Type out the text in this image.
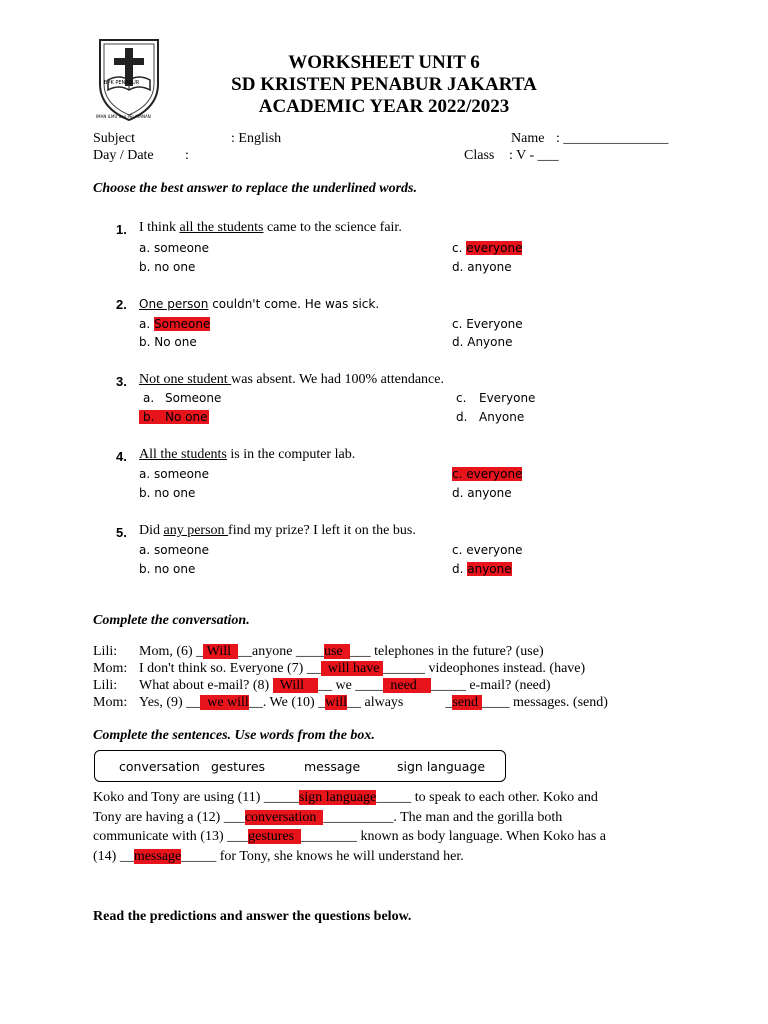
BPK PENABUR
IMAN ILMU dan PELAYANAN
WORKSHEET UNIT 6
SD KRISTEN PENABUR JAKARTA
ACADEMIC YEAR 2022/2023
Subject	: English
Day / Date :
Name : _______________
Class : V - ___
Choose the best answer to replace the underlined words.
1. I think all the students came to the science fair.
a. someone
b. no one
c. everyone
d. anyone
2. One person couldn't come. He was sick.
a. Someone
b. No one
c. Everyone
d. Anyone
3. Not one student was absent. We had 100% attendance.
a. Someone
b. No one

c. Everyone
d. Anyone
4. All the students is in the computer lab.
a. someone
b. no one
c. everyone
d. anyone
5. Did any person find my prize? I left it on the bus.
a. someone
b. no one
c. everyone
d. anyone
Complete the conversation.
Lili: Mom, (6) _ Will __anyone ____use ___ telephones in the future? (use)
Mom: I don't think so. Everyone (7) __ will have ______ videophones instead. (have)
Lili: What about e-mail? (8)   Will __ we ____ need _____ e-mail? (need)
Mom: Yes, (9) __ we will__. We (10) _will__ always            _send ____ messages. (send)
Complete the sentences. Use words from the box.
conversation gestures	message	sign language
Koko and Tony are using (11) _____sign language_____ to speak to each other. Koko and
Tony are having a (12) ___conversation __________. The man and the gorilla both
communicate with (13) ___gestures ________ known as body language. When Koko has a
(14) __message_____ for Tony, she knows he will understand her.
Read the predictions and answer the questions below.
